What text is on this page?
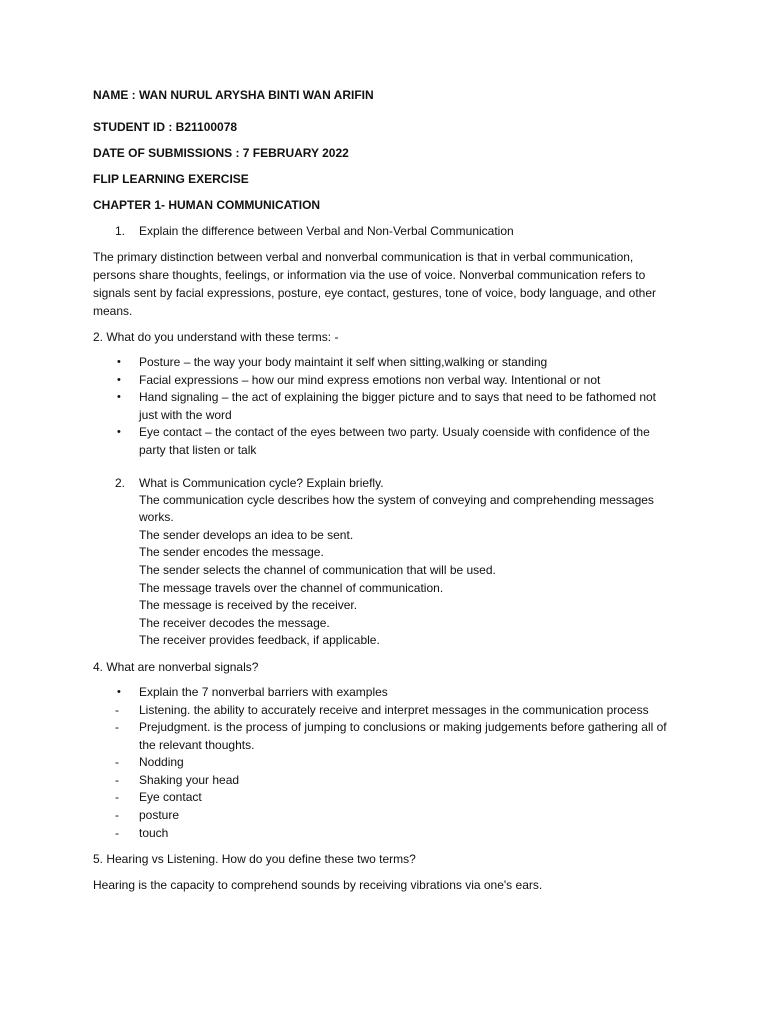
NAME : WAN NURUL ARYSHA BINTI WAN ARIFIN

STUDENT ID : B21100078

DATE OF SUBMISSIONS : 7 FEBRUARY 2022

FLIP LEARNING EXERCISE

CHAPTER 1- HUMAN COMMUNICATION

1. Explain the difference between Verbal and Non-Verbal Communication

The primary distinction between verbal and nonverbal communication is that in verbal communication, persons share thoughts, feelings, or information via the use of voice. Nonverbal communication refers to signals sent by facial expressions, posture, eye contact, gestures, tone of voice, body language, and other means.

2. What do you understand with these terms: -

• Posture – the way your body maintaint it self when sitting,walking or standing
• Facial expressions – how our mind express emotions non verbal way. Intentional or not
• Hand signaling – the act of explaining the bigger picture and to says that need to be fathomed not just with the word
• Eye contact – the contact of the eyes between two party. Usualy coenside with confidence of the party that listen or talk

2. What is Communication cycle? Explain briefly.

The communication cycle describes how the system of conveying and comprehending messages works.
The sender develops an idea to be sent.
The sender encodes the message.
The sender selects the channel of communication that will be used.
The message travels over the channel of communication.
The message is received by the receiver.
The receiver decodes the message.
The receiver provides feedback, if applicable.

4. What are nonverbal signals?

• Explain the 7 nonverbal barriers with examples
- Listening. the ability to accurately receive and interpret messages in the communication process
- Prejudgment. is the process of jumping to conclusions or making judgements before gathering all of the relevant thoughts.
- Nodding
- Shaking your head
- Eye contact
- posture
- touch

5. Hearing vs Listening. How do you define these two terms?

Hearing is the capacity to comprehend sounds by receiving vibrations via one's ears.
